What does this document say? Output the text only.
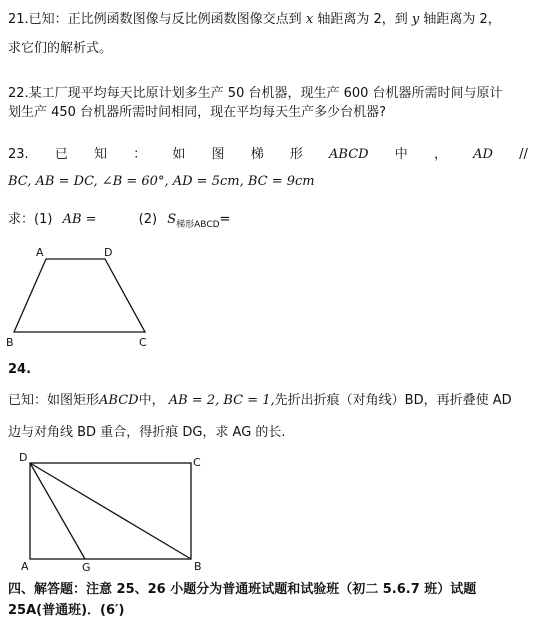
21.已知：正比例函数图像与反比例函数图像交点到 x 轴距离为 2，到 y 轴距离为 2，
求它们的解析式。
22.某工厂现平均每天比原计划多生产 50 台机器，现生产 600 台机器所需时间与原计
划生产 450 台机器所需时间相同，现在平均每天生产多少台机器?
23. 已 知 ： 如 图 梯 形 ABCD 中 ， AD //
BC, AB = DC, ∠B = 60°, AD = 5cm, BC = 9cm
求：(1) AB =	(2) $S_{梯形ABCD}=$
A	D
B	C
24.
已知：如图矩形ABCD中， AB = 2, BC = 1,先折出折痕（对角线）BD，再折叠使 AD
边与对角线 BD 重合，得折痕 DG，求 AG 的长.
D	C
A	G	B
四、解答题：注意 25、26 小题分为普通班试题和试验班（初二 5.6.7 班）试题
25A(普通班)．(6′)
